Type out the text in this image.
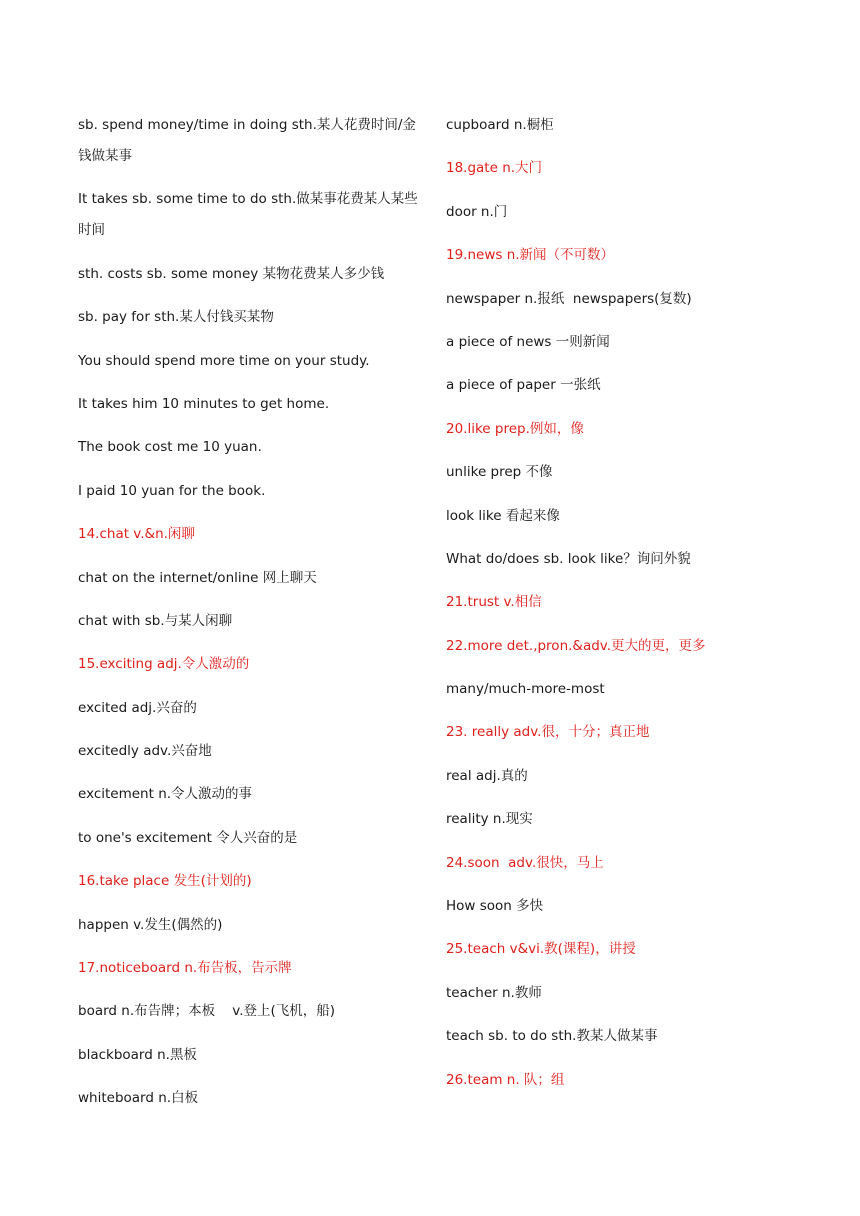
sb. spend money/time in doing sth.某人花费时间/金钱做某事
It takes sb. some time to do sth.做某事花费某人某些时间
sth. costs sb. some money 某物花费某人多少钱
sb. pay for sth.某人付钱买某物
You should spend more time on your study.
It takes him 10 minutes to get home.
The book cost me 10 yuan.
I paid 10 yuan for the book.
14.chat v.&n.闲聊
chat on the internet/online 网上聊天
chat with sb.与某人闲聊
15.exciting adj.令人激动的
excited adj.兴奋的
excitedly adv.兴奋地
excitement n.令人激动的事
to one's excitement 令人兴奋的是
16.take place 发生(计划的)
happen v.发生(偶然的)
17.noticeboard n.布告板，告示牌
board n.布告牌；本板    v.登上(飞机，船)
blackboard n.黑板
whiteboard n.白板
cupboard n.橱柜
18.gate n.大门
door n.门
19.news n.新闻（不可数）
newspaper n.报纸  newspapers(复数)
a piece of news 一则新闻
a piece of paper 一张纸
20.like prep.例如，像
unlike prep 不像
look like 看起来像
What do/does sb. look like？询问外貌
21.trust v.相信
22.more det.,pron.&adv.更大的更，更多
many/much-more-most
23. really adv.很，十分；真正地
real adj.真的
reality n.现实
24.soon  adv.很快，马上
How soon 多快
25.teach v&vi.教(课程)，讲授
teacher n.教师
teach sb. to do sth.教某人做某事
26.team n. 队；组
